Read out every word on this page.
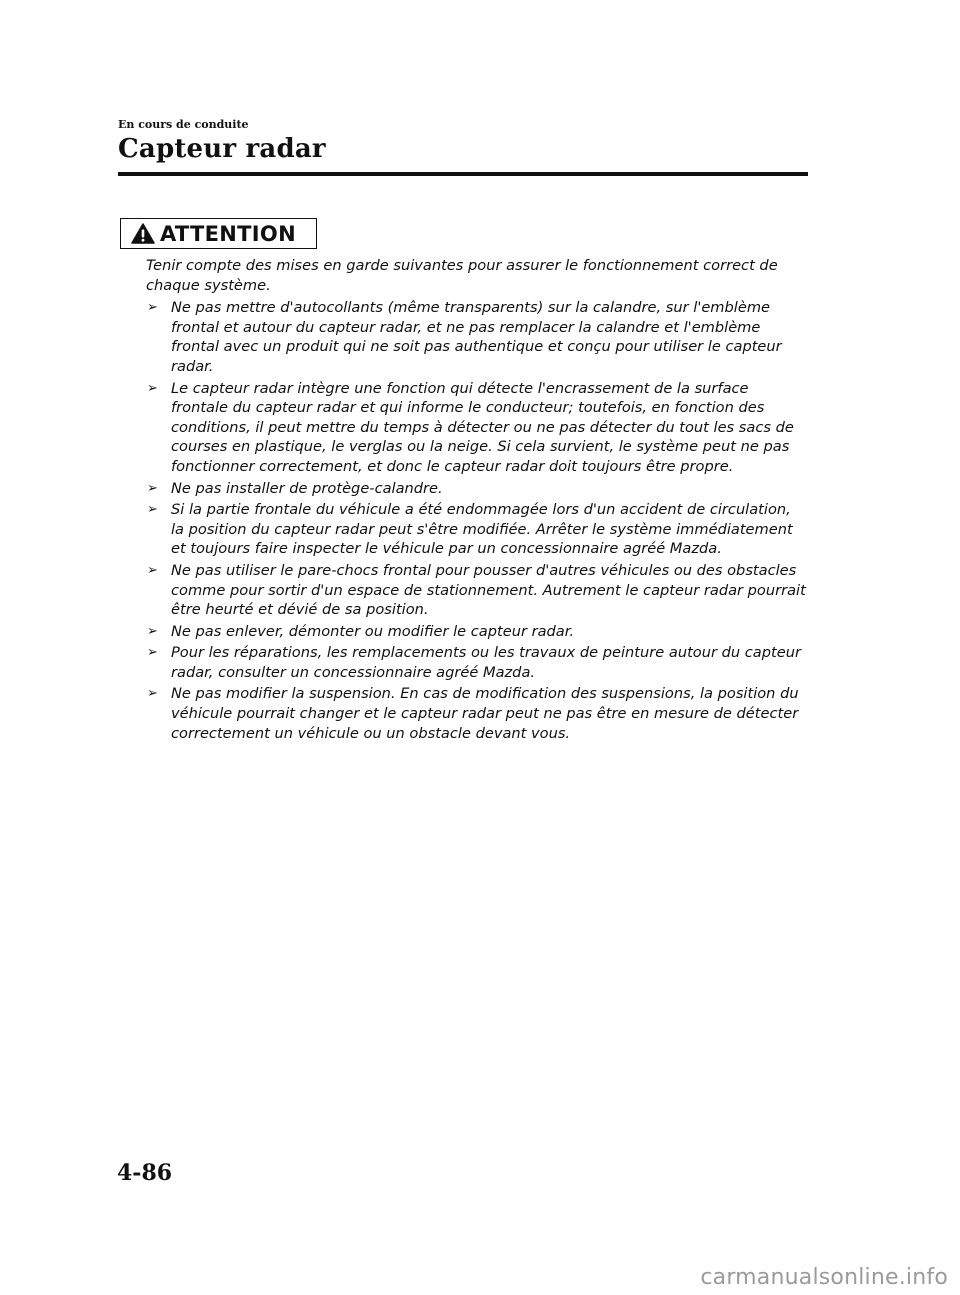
En cours de conduite
Capteur radar
ATTENTION

Tenir compte des mises en garde suivantes pour assurer le fonctionnement correct de chaque système.

➢ Ne pas mettre d'autocollants (même transparents) sur la calandre, sur l'emblème frontal et autour du capteur radar, et ne pas remplacer la calandre et l'emblème frontal avec un produit qui ne soit pas authentique et conçu pour utiliser le capteur radar.
➢ Le capteur radar intègre une fonction qui détecte l'encrassement de la surface frontale du capteur radar et qui informe le conducteur; toutefois, en fonction des conditions, il peut mettre du temps à détecter ou ne pas détecter du tout les sacs de courses en plastique, le verglas ou la neige. Si cela survient, le système peut ne pas fonctionner correctement, et donc le capteur radar doit toujours être propre.
➢ Ne pas installer de protège-calandre.
➢ Si la partie frontale du véhicule a été endommagée lors d'un accident de circulation, la position du capteur radar peut s'être modifiée. Arrêter le système immédiatement et toujours faire inspecter le véhicule par un concessionnaire agréé Mazda.
➢ Ne pas utiliser le pare-chocs frontal pour pousser d'autres véhicules ou des obstacles comme pour sortir d'un espace de stationnement. Autrement le capteur radar pourrait être heurté et dévié de sa position.
➢ Ne pas enlever, démonter ou modifier le capteur radar.
➢ Pour les réparations, les remplacements ou les travaux de peinture autour du capteur radar, consulter un concessionnaire agréé Mazda.
➢ Ne pas modifier la suspension. En cas de modification des suspensions, la position du véhicule pourrait changer et le capteur radar peut ne pas être en mesure de détecter correctement un véhicule ou un obstacle devant vous.
4-86
carmanualsonline.info
